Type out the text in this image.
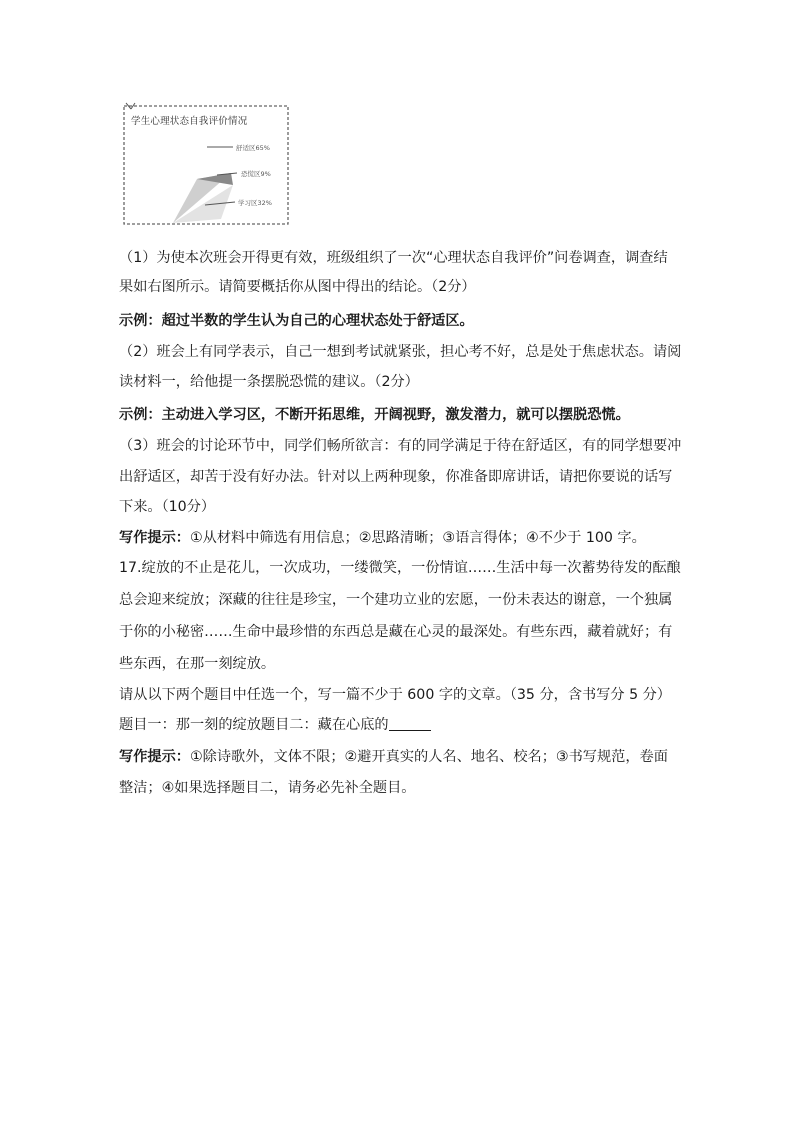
学生心理状态自我评价情况
舒适区65%
恐慌区9%
学习区32%
（1）为使本次班会开得更有效，班级组织了一次“心理状态自我评价”问卷调查，调查结
果如右图所示。请简要概括你从图中得出的结论。（2分）
示例：超过半数的学生认为自己的心理状态处于舒适区。
（2）班会上有同学表示，自己一想到考试就紧张，担心考不好，总是处于焦虑状态。请阅
读材料一，给他提一条摆脱恐慌的建议。（2分）
示例：主动进入学习区，不断开拓思维，开阔视野，激发潜力，就可以摆脱恐慌。
（3）班会的讨论环节中，同学们畅所欲言：有的同学满足于待在舒适区，有的同学想要冲
出舒适区，却苦于没有好办法。针对以上两种现象，你准备即席讲话，请把你要说的话写
下来。（10分）
写作提示：①从材料中筛选有用信息；②思路清晰；③语言得体；④不少于 100 字。
17.绽放的不止是花儿，一次成功，一缕微笑，一份情谊……生活中每一次蓄势待发的酝酿
总会迎来绽放；深藏的往往是珍宝，一个建功立业的宏愿，一份未表达的谢意，一个独属
于你的小秘密……生命中最珍惜的东西总是藏在心灵的最深处。有些东西，藏着就好；有
些东西，在那一刻绽放。
请从以下两个题目中任选一个，写一篇不少于 600 字的文章。（35 分，含书写分 5 分）
题目一：那一刻的绽放题目二：藏在心底的
写作提示：①除诗歌外，文体不限；②避开真实的人名、地名、校名；③书写规范，卷面
整洁；④如果选择题目二，请务必先补全题目。
